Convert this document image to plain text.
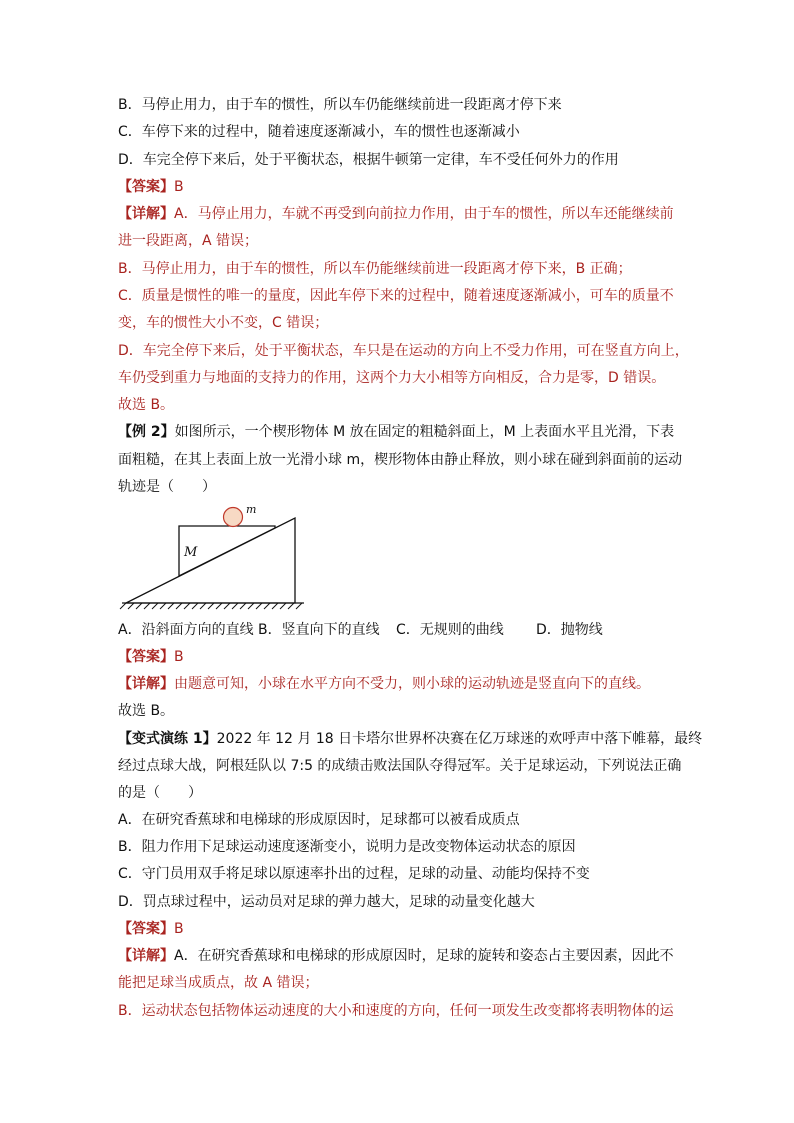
B．马停止用力，由于车的惯性，所以车仍能继续前进一段距离才停下来
C．车停下来的过程中，随着速度逐渐减小，车的惯性也逐渐减小
D．车完全停下来后，处于平衡状态，根据牛顿第一定律，车不受任何外力的作用
【答案】B
【详解】A．马停止用力，车就不再受到向前拉力作用，由于车的惯性，所以车还能继续前
进一段距离，A 错误；
B．马停止用力，由于车的惯性，所以车仍能继续前进一段距离才停下来，B 正确；
C．质量是惯性的唯一的量度，因此车停下来的过程中，随着速度逐渐减小，可车的质量不
变，车的惯性大小不变，C 错误；
D．车完全停下来后，处于平衡状态，车只是在运动的方向上不受力作用，可在竖直方向上，
车仍受到重力与地面的支持力的作用，这两个力大小相等方向相反，合力是零，D 错误。
故选 B。
【例 2】如图所示，一个楔形物体 M 放在固定的粗糙斜面上，M 上表面水平且光滑，下表
面粗糙，在其上表面上放一光滑小球 m，楔形物体由静止释放，则小球在碰到斜面前的运动
轨迹是（　　）
m
M
A．沿斜面方向的直线 B．竖直向下的直线 C．无规则的曲线 D．抛物线
【答案】B
【详解】由题意可知，小球在水平方向不受力，则小球的运动轨迹是竖直向下的直线。
故选 B。
【变式演练 1】2022 年 12 月 18 日卡塔尔世界杯决赛在亿万球迷的欢呼声中落下帷幕，最终
经过点球大战，阿根廷队以 7:5 的成绩击败法国队夺得冠军。关于足球运动，下列说法正确
的是（　　）
A．在研究香蕉球和电梯球的形成原因时，足球都可以被看成质点
B．阻力作用下足球运动速度逐渐变小，说明力是改变物体运动状态的原因
C．守门员用双手将足球以原速率扑出的过程，足球的动量、动能均保持不变
D．罚点球过程中，运动员对足球的弹力越大，足球的动量变化越大
【答案】B
【详解】A．在研究香蕉球和电梯球的形成原因时，足球的旋转和姿态占主要因素，因此不
能把足球当成质点，故 A 错误；
B．运动状态包括物体运动速度的大小和速度的方向，任何一项发生改变都将表明物体的运
